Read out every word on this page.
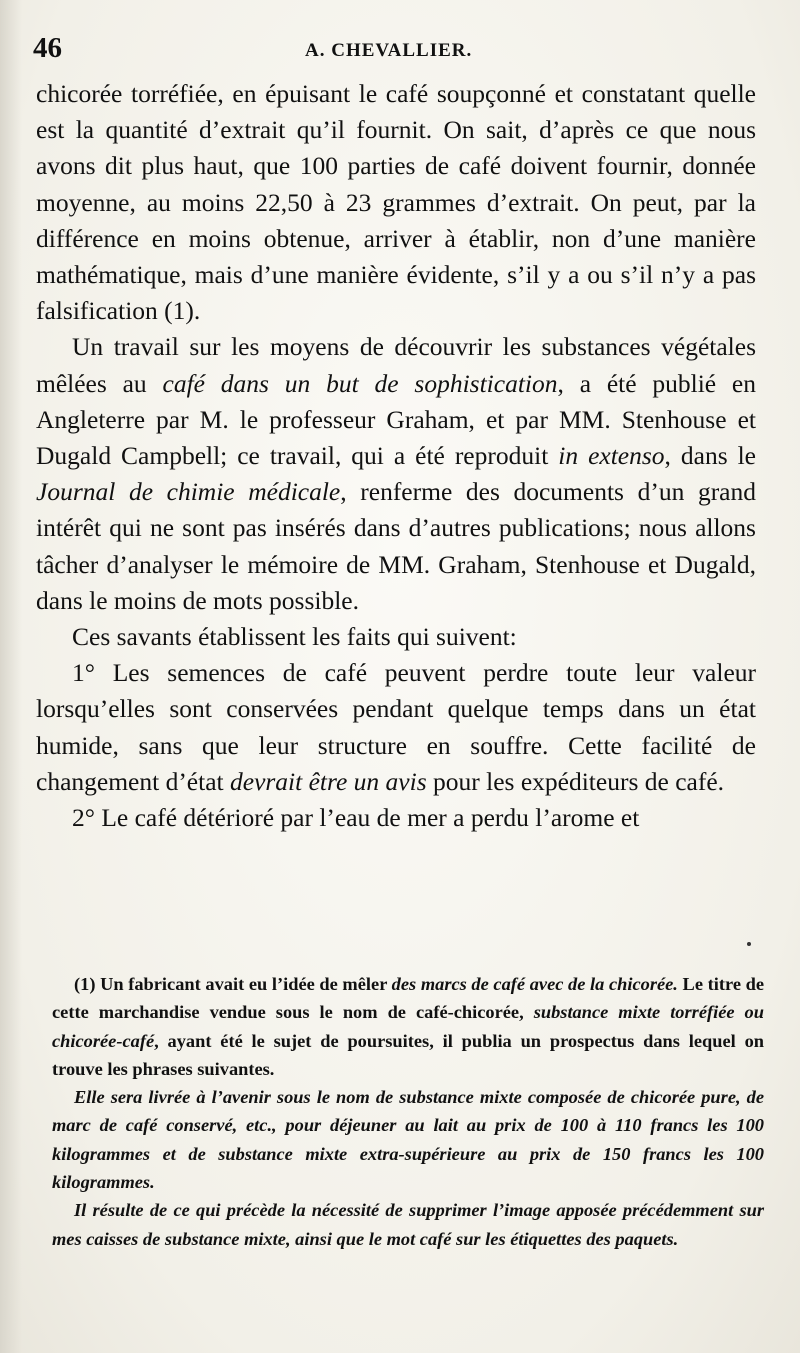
46	A. CHEVALLIER.

chicorée torréfiée, en épuisant le café soupçonné et constatant quelle est la quantité d’extrait qu’il fournit. On sait, d’après ce que nous avons dit plus haut, que 100 parties de café doivent fournir, donnée moyenne, au moins 22,50 à 23 grammes d’extrait. On peut, par la différence en moins obtenue, arriver à établir, non d’une manière mathématique, mais d’une manière évidente, s’il y a ou s’il n’y a pas falsification (1).

Un travail sur les moyens de découvrir les substances végétales mêlées au café dans un but de sophistication, a été publié en Angleterre par M. le professeur Graham, et par MM. Stenhouse et Dugald Campbell; ce travail, qui a été reproduit in extenso, dans le Journal de chimie médicale, renferme des documents d’un grand intérêt qui ne sont pas insérés dans d’autres publications; nous allons tâcher d’analyser le mémoire de MM. Graham, Stenhouse et Dugald, dans le moins de mots possible.

Ces savants établissent les faits qui suivent:

1° Les semences de café peuvent perdre toute leur valeur lorsqu’elles sont conservées pendant quelque temps dans un état humide, sans que leur structure en souffre. Cette facilité de changement d’état devrait être un avis pour les expéditeurs de café.

2° Le café détérioré par l’eau de mer a perdu l’arome et

(1) Un fabricant avait eu l’idée de mêler des marcs de café avec de la chicorée. Le titre de cette marchandise vendue sous le nom de café-chicorée, substance mixte torréfiée ou chicorée-café, ayant été le sujet de poursuites, il publia un prospectus dans lequel on trouve les phrases suivantes.

Elle sera livrée à l’avenir sous le nom de substance mixte composée de chicorée pure, de marc de café conservé, etc., pour déjeuner au lait au prix de 100 à 110 francs les 100 kilogrammes et de substance mixte extra-supérieure au prix de 150 francs les 100 kilogrammes.

Il résulte de ce qui précède la nécessité de supprimer l’image apposée précédemment sur mes caisses de substance mixte, ainsi que le mot café sur les étiquettes des paquets.
